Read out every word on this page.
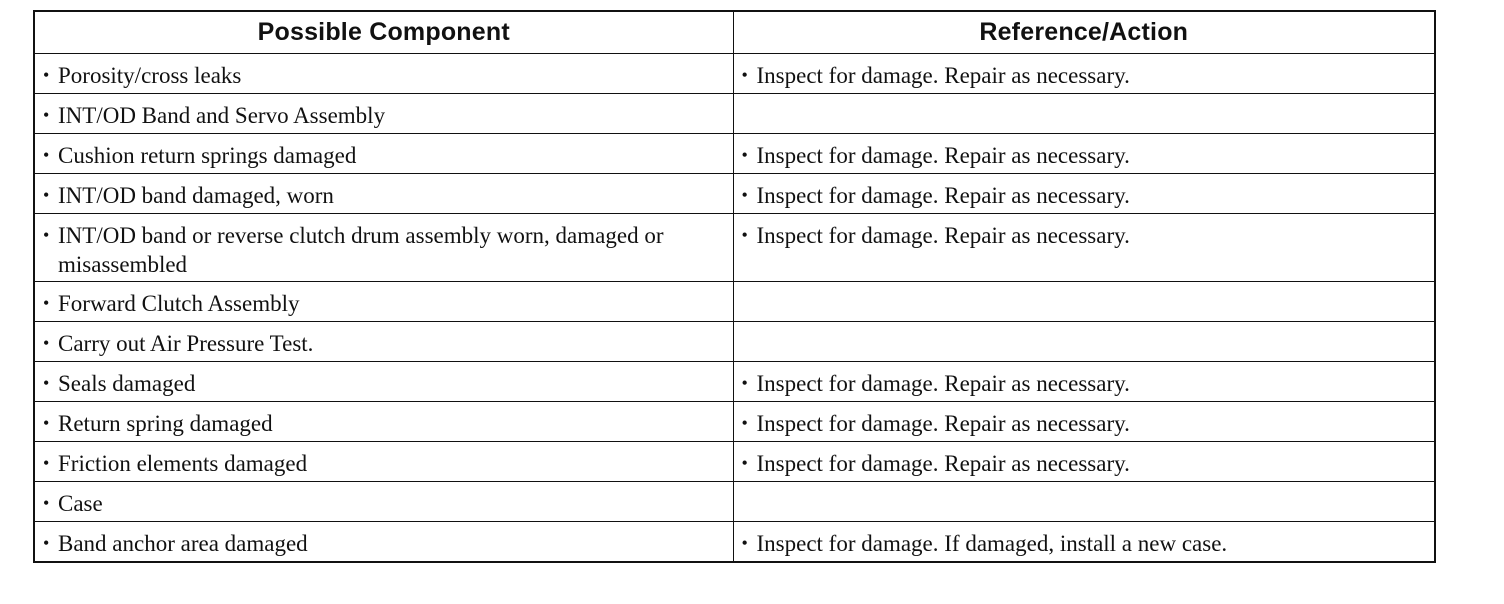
Possible Component	Reference/Action

• Porosity/cross leaks	• Inspect for damage. Repair as necessary.

• INT/OD Band and Servo Assembly	

• Cushion return springs damaged	• Inspect for damage. Repair as necessary.

• INT/OD band damaged, worn	• Inspect for damage. Repair as necessary.

• INT/OD band or reverse clutch drum assembly worn, damaged or misassembled	• Inspect for damage. Repair as necessary.

• Forward Clutch Assembly	

• Carry out Air Pressure Test.	

• Seals damaged	• Inspect for damage. Repair as necessary.

• Return spring damaged	• Inspect for damage. Repair as necessary.

• Friction elements damaged	• Inspect for damage. Repair as necessary.

• Case	

• Band anchor area damaged	• Inspect for damage. If damaged, install a new case.
